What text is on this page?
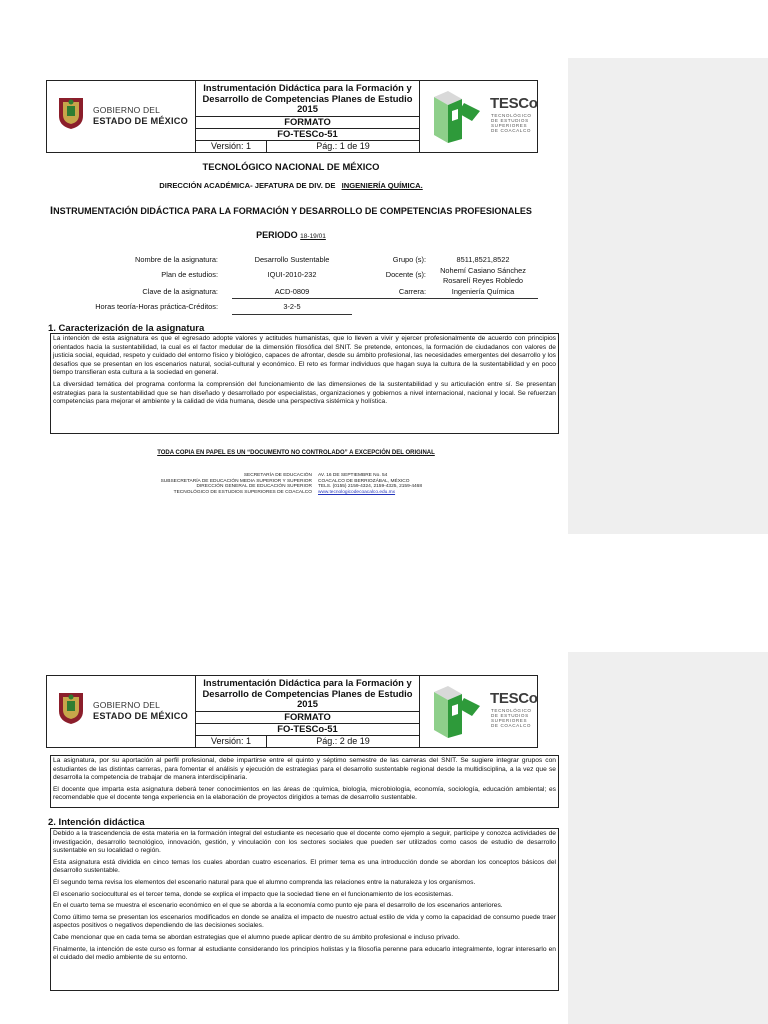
GOBIERNO DEL
ESTADO DE MÉXICO
Instrumentación Didáctica para la Formación y
Desarrollo de Competencias Planes de Estudio
2015
FORMATO
FO-TESCo-51
Versión: 1	Pág.: 1 de 19
TESCo
TECNOLÓGICO
DE ESTUDIOS
SUPERIORES
DE COACALCO
TECNOLÓGICO NACIONAL DE MÉXICO
DIRECCIÓN ACADÉMICA- JEFATURA DE DIV. DE INGENIERÍA QUÍMICA.
INSTRUMENTACIÓN DIDÁCTICA PARA LA FORMACIÓN Y DESARROLLO DE COMPETENCIAS PROFESIONALES
PERIODO 18-19/01
Nombre de la asignatura:	Desarrollo Sustentable	Grupo (s):	8511,8521,8522
Plan de estudios:	IQUI-2010-232	Docente (s):	Nohemí Casiano Sánchez
Rosarelí Reyes Robledo
Clave de la asignatura:	ACD-0809	Carrera:	Ingeniería Química
Horas teoría-Horas práctica-Créditos:	3-2-5
1. Caracterización de la asignatura

La intención de esta asignatura es que el egresado adopte valores y actitudes humanistas, que lo lleven a vivir y ejercer profesionalmente de acuerdo con principios orientados hacia la sustentabilidad, la cual es el factor medular de la dimensión filosófica del SNIT. Se pretende, entonces, la formación de ciudadanos con valores de justicia social, equidad, respeto y cuidado del entorno físico y biológico, capaces de afrontar, desde su ámbito profesional, las necesidades emergentes del desarrollo y los desafíos que se presentan en los escenarios natural, social-cultural y económico. El reto es formar individuos que hagan suya la cultura de la sustentabilidad y en poco tiempo transfieran esta cultura a la sociedad en general.

La diversidad temática del programa conforma la comprensión del funcionamiento de las dimensiones de la sustentabilidad y su articulación entre sí. Se presentan estrategias para la sustentabilidad que se han diseñado y desarrollado por especialistas, organizaciones y gobiernos a nivel internacional, nacional y local. Se refuerzan competencias para mejorar el ambiente y la calidad de vida humana, desde una perspectiva sistémica y holística.

TODA COPIA EN PAPEL ES UN “DOCUMENTO NO CONTROLADO” A EXCEPCIÓN DEL ORIGINAL
SECRETARÍA DE EDUCACIÓN
SUBSECRETARÍA DE EDUCACIÓN MEDIA SUPERIOR Y SUPERIOR
DIRECCIÓN GENERAL DE EDUCACIÓN SUPERIOR
TECNOLÓGICO DE ESTUDIOS SUPERIORES DE COACALCO
AV. 16 DE SEPTIEMBRE No. 54
COACALCO DE BERRIOZÁBAL, MÉXICO
TELS. (0155) 2159-4324, 2159-4325, 2159-4468
www.tecnologicodecoacalco.edu.mx
GOBIERNO DEL
ESTADO DE MÉXICO
Instrumentación Didáctica para la Formación y
Desarrollo de Competencias Planes de Estudio
2015
FORMATO
FO-TESCo-51
Versión: 1	Pág.: 2 de 19
TESCo
TECNOLÓGICO
DE ESTUDIOS
SUPERIORES
DE COACALCO

La asignatura, por su aportación al perfil profesional, debe impartirse entre el quinto y séptimo semestre de las carreras del SNIT. Se sugiere integrar grupos con estudiantes de las distintas carreras, para fomentar el análisis y ejecución de estrategias para el desarrollo sustentable regional desde la multidisciplina, a la vez que se desarrolla la competencia de trabajar de manera interdisciplinaria.

El docente que imparta esta asignatura deberá tener conocimientos en las áreas de :química, biología, microbiología, economía, sociología, educación ambiental; es recomendable que el docente tenga experiencia en la elaboración de proyectos dirigidos a temas de desarrollo sustentable.

2. Intención didáctica

Debido a la trascendencia de esta materia en la formación integral del estudiante es necesario que el docente como ejemplo a seguir, participe y conozca actividades de investigación, desarrollo tecnológico, innovación, gestión, y vinculación con los sectores sociales que pueden ser utilizados como casos de estudio de desarrollo sustentable en su localidad o región.

Esta asignatura está dividida en cinco temas los cuales abordan cuatro escenarios. El primer tema es una introducción donde se abordan los conceptos básicos del desarrollo sustentable.

El segundo tema revisa los elementos del escenario natural para que el alumno comprenda las relaciones entre la naturaleza y los organismos.

El escenario sociocultural es el tercer tema, donde se explica el impacto que la sociedad tiene en el funcionamiento de los ecosistemas.

En el cuarto tema se muestra el escenario económico en el que se aborda a la economía como punto eje para el desarrollo de los escenarios anteriores.

Como último tema se presentan los escenarios modificados en donde se analiza el impacto de nuestro actual estilo de vida y como la capacidad de consumo puede traer aspectos positivos o negativos dependiendo de las decisiones sociales.

Cabe mencionar que en cada tema se abordan estrategias que el alumno puede aplicar dentro de su ámbito profesional e incluso privado.

Finalmente, la intención de este curso es formar al estudiante considerando los principios holistas y la filosofía perenne para educarlo integralmente, lograr interesarlo en el cuidado del medio ambiente de su entorno.
